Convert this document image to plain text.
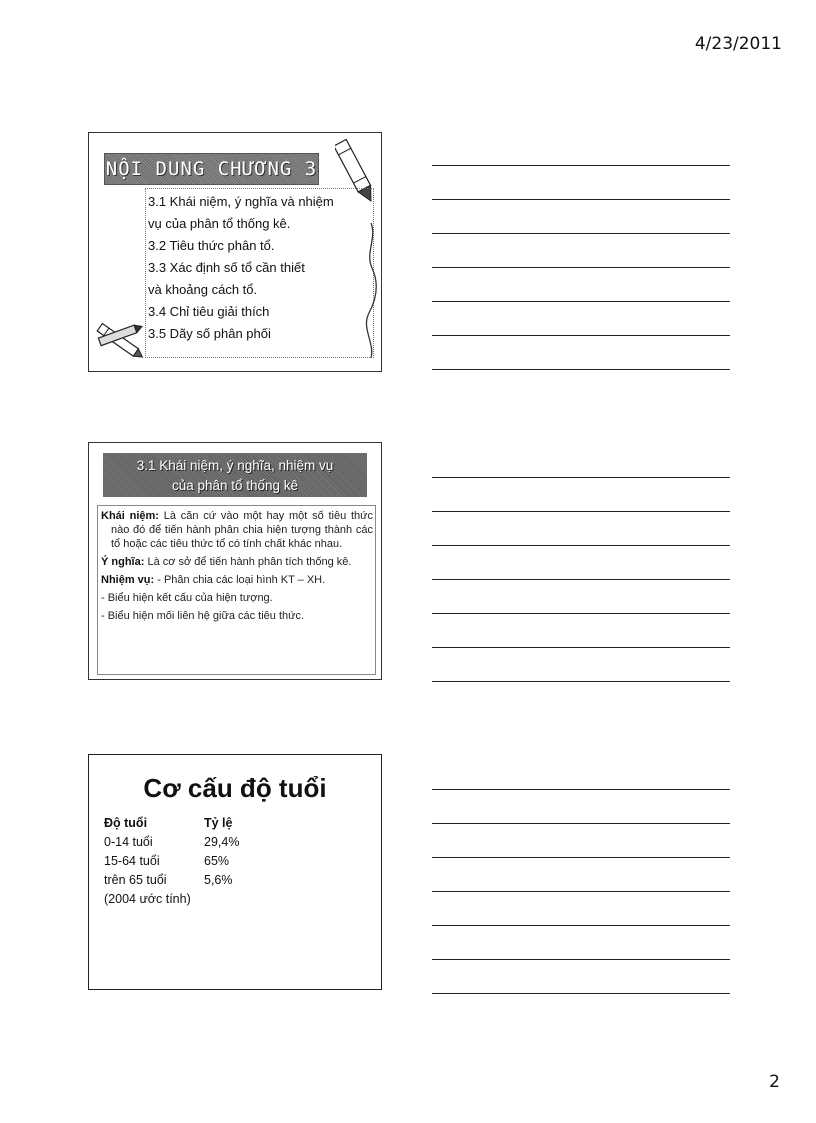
4/23/2011
NỘI DUNG CHƯƠNG 3
3.1 Khái niệm, ý nghĩa và nhiệm
vụ của phân tổ thống kê.
3.2 Tiêu thức phân tổ.
3.3 Xác định số tổ cần thiết
và khoảng cách tổ.
3.4 Chỉ tiêu giải thích
3.5 Dãy số phân phối
3.1 Khái niệm, ý nghĩa, nhiệm vụ
của phân tổ thống kê

Khái niệm: Là căn cứ vào một hay một số tiêu thức nào đó để tiến hành phân chia hiện tượng thành các tổ hoặc các tiêu thức tổ có tính chất khác nhau.

Ý nghĩa: Là cơ sở để tiến hành phân tích thống kê.

Nhiệm vụ: - Phân chia các loại hình KT – XH.

- Biểu hiện kết cấu của hiện tượng.

- Biểu hiện mối liên hệ giữa các tiêu thức.

Cơ cấu độ tuổi
Độ tuổi	Tỷ lệ
0-14 tuổi	29,4%
15-64 tuổi	65%
trên 65 tuổi	5,6%
(2004 ước tính)
2
